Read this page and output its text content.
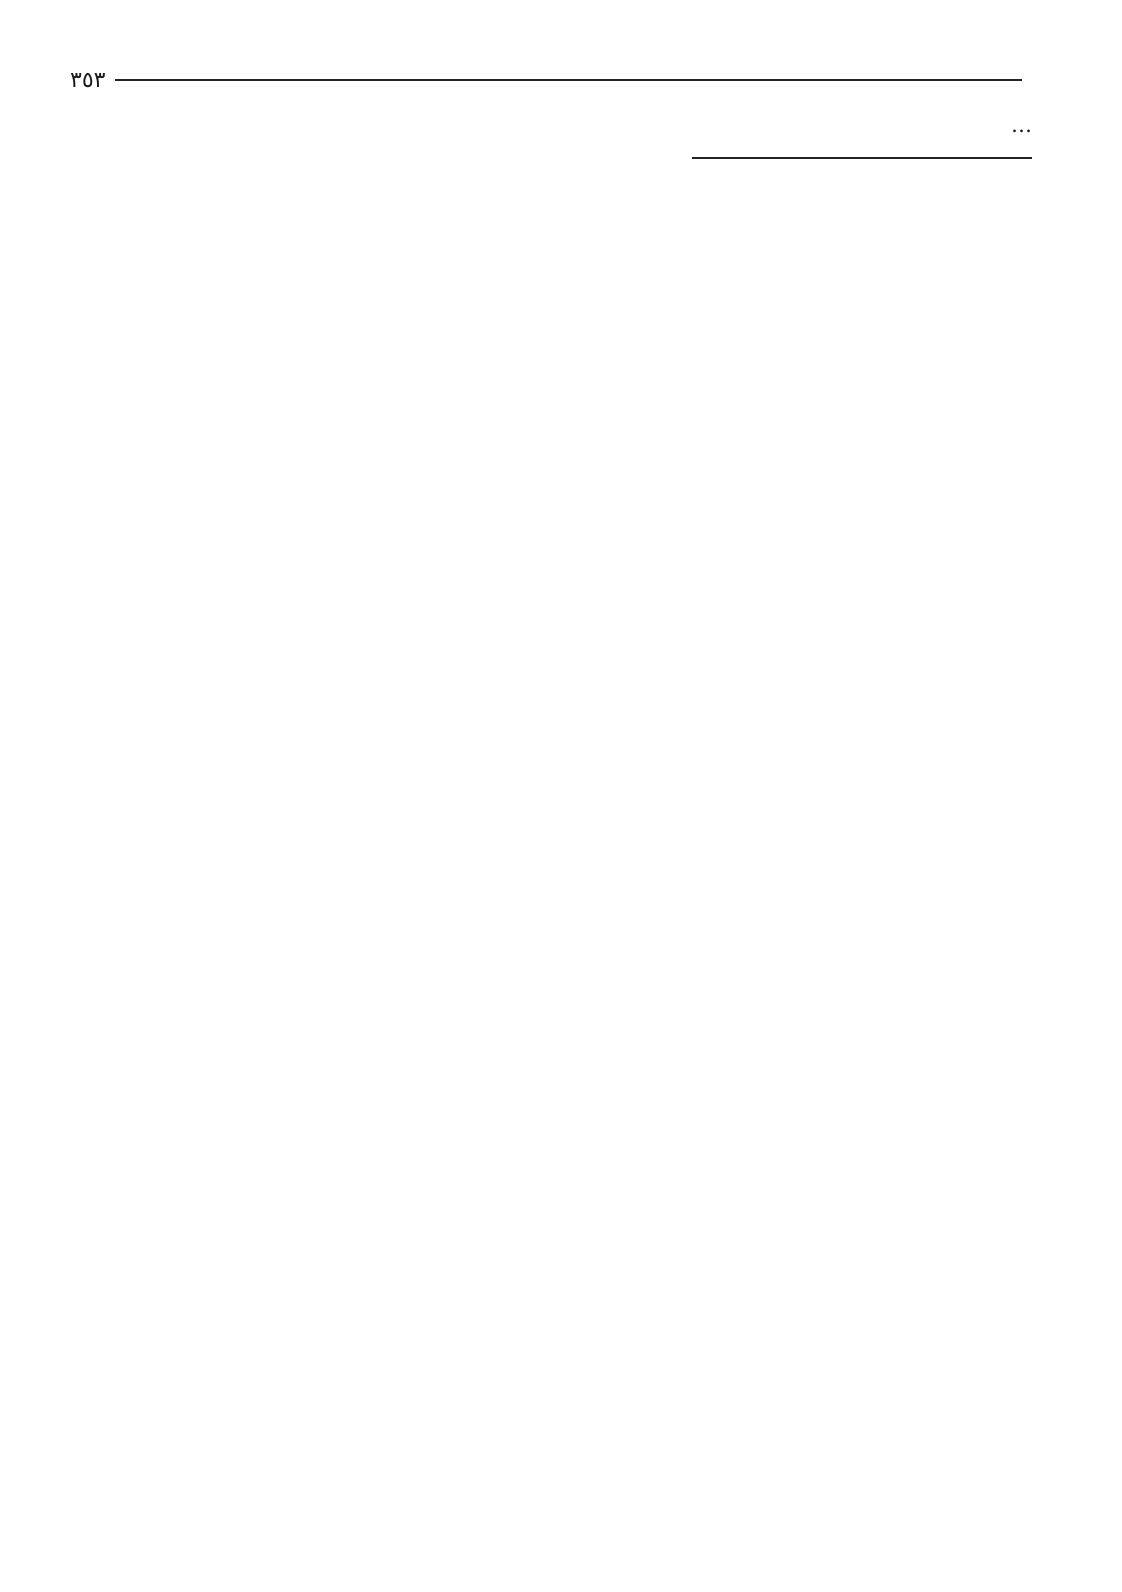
٣٥٣

…
